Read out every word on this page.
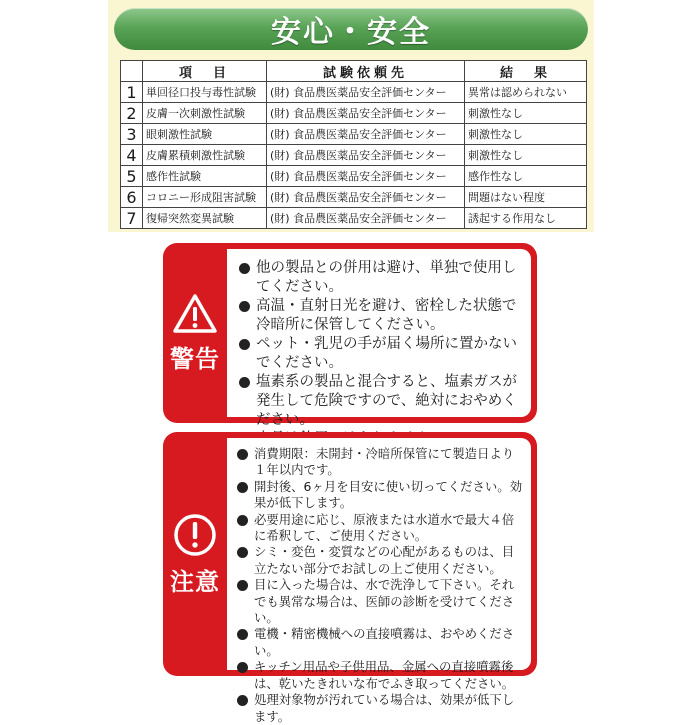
安心・安全
	項　目	試験依頼先	結　果
1	単回径口投与毒性試験	(財) 食品農医薬品安全評価センター	異常は認められない
2	皮膚一次刺激性試験	(財) 食品農医薬品安全評価センター	刺激性なし
3	眼刺激性試験	(財) 食品農医薬品安全評価センター	刺激性なし
4	皮膚累積刺激性試験	(財) 食品農医薬品安全評価センター	刺激性なし
5	感作性試験	(財) 食品農医薬品安全評価センター	感作性なし
6	コロニー形成阻害試験	(財) 食品農医薬品安全評価センター	問題はない程度
7	復帰突然変異試験	(財) 食品農医薬品安全評価センター	誘起する作用なし
警告
他の製品との併用は避け、単独で使用してください。
高温・直射日光を避け、密栓した状態で冷暗所に保管してください。
ペット・乳児の手が届く場所に置かないでください。
塩素系の製品と混合すると、塩素ガスが発生して危険ですので、絶対におやめください。
注意
消費期限：未開封・冷暗所保管にて製造日より１年以内です。
開封後、6ヶ月を目安に使い切ってください。効果が低下します。
必要用途に応じ、原液または水道水で最大４倍に希釈して、ご使用ください。
シミ・変色・変質などの心配があるものは、目立たない部分でお試しの上ご使用ください。
目に入った場合は、水で洗浄して下さい。それでも異常な場合は、医師の診断を受けてください。
電機・精密機械への直接噴霧は、おやめください。
キッチン用品や子供用品、金属への直接噴霧後は、乾いたきれいな布でふき取ってください。
処理対象物が汚れている場合は、効果が低下します。
